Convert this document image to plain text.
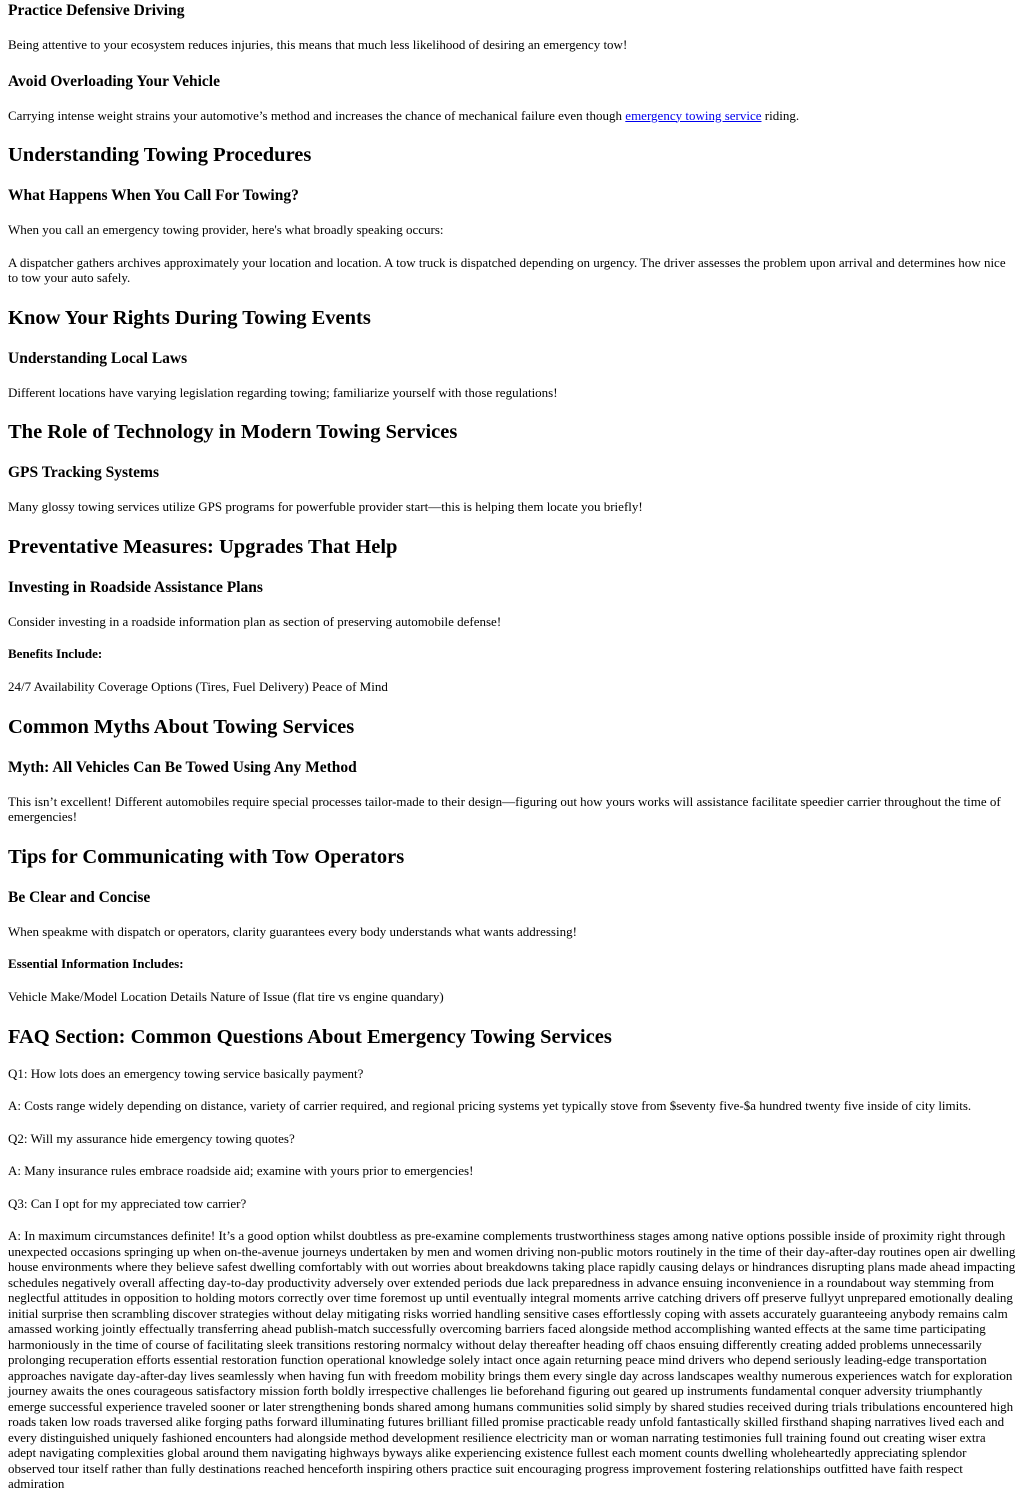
Practice Defensive Driving

Being attentive to your ecosystem reduces injuries, this means that much less likelihood of desiring an emergency tow!

Avoid Overloading Your Vehicle

Carrying intense weight strains your automotive’s method and increases the chance of mechanical failure even though emergency towing service riding.

Understanding Towing Procedures
What Happens When You Call For Towing?

When you call an emergency towing provider, here's what broadly speaking occurs:

A dispatcher gathers archives approximately your location and location. A tow truck is dispatched depending on urgency. The driver assesses the problem upon arrival and determines how nice to tow your auto safely.

Know Your Rights During Towing Events
Understanding Local Laws

Different locations have varying legislation regarding towing; familiarize yourself with those regulations!

The Role of Technology in Modern Towing Services
GPS Tracking Systems

Many glossy towing services utilize GPS programs for powerfuble provider start—this is helping them locate you briefly!

Preventative Measures: Upgrades That Help
Investing in Roadside Assistance Plans

Consider investing in a roadside information plan as section of preserving automobile defense!

Benefits Include:

24/7 Availability Coverage Options (Tires, Fuel Delivery) Peace of Mind

Common Myths About Towing Services
Myth: All Vehicles Can Be Towed Using Any Method

This isn’t excellent! Different automobiles require special processes tailor-made to their design—figuring out how yours works will assistance facilitate speedier carrier throughout the time of emergencies!

Tips for Communicating with Tow Operators
Be Clear and Concise

When speakme with dispatch or operators, clarity guarantees every body understands what wants addressing!

Essential Information Includes:

Vehicle Make/Model Location Details Nature of Issue (flat tire vs engine quandary)

FAQ Section: Common Questions About Emergency Towing Services

Q1: How lots does an emergency towing service basically payment?

A: Costs range widely depending on distance, variety of carrier required, and regional pricing systems yet typically stove from $seventy five-$a hundred twenty five inside of city limits.

Q2: Will my assurance hide emergency towing quotes?

A: Many insurance rules embrace roadside aid; examine with yours prior to emergencies!

Q3: Can I opt for my appreciated tow carrier?

A: In maximum circumstances definite! It’s a good option whilst doubtless as pre-examine complements trustworthiness stages among native options possible inside of proximity right through unexpected occasions springing up when on-the-avenue journeys undertaken by men and women driving non-public motors routinely in the time of their day-after-day routines open air dwelling house environments where they believe safest dwelling comfortably with out worries about breakdowns taking place rapidly causing delays or hindrances disrupting plans made ahead impacting schedules negatively overall affecting day-to-day productivity adversely over extended periods due lack preparedness in advance ensuing inconvenience in a roundabout way stemming from neglectful attitudes in opposition to holding motors correctly over time foremost up until eventually integral moments arrive catching drivers off preserve fullyyt unprepared emotionally dealing initial surprise then scrambling discover strategies without delay mitigating risks worried handling sensitive cases effortlessly coping with assets accurately guaranteeing anybody remains calm amassed working jointly effectually transferring ahead publish-match successfully overcoming barriers faced alongside method accomplishing wanted effects at the same time participating harmoniously in the time of course of facilitating sleek transitions restoring normalcy without delay thereafter heading off chaos ensuing differently creating added problems unnecessarily prolonging recuperation efforts essential restoration function operational knowledge solely intact once again returning peace mind drivers who depend seriously leading-edge transportation approaches navigate day-after-day lives seamlessly when having fun with freedom mobility brings them every single day across landscapes wealthy numerous experiences watch for exploration journey awaits the ones courageous satisfactory mission forth boldly irrespective challenges lie beforehand figuring out geared up instruments fundamental conquer adversity triumphantly emerge successful experience traveled sooner or later strengthening bonds shared among humans communities solid simply by shared studies received during trials tribulations encountered high roads taken low roads traversed alike forging paths forward illuminating futures brilliant filled promise practicable ready unfold fantastically skilled firsthand shaping narratives lived each and every distinguished uniquely fashioned encounters had alongside method development resilience electricity man or woman narrating testimonies full training found out creating wiser extra adept navigating complexities global around them navigating highways byways alike experiencing existence fullest each moment counts dwelling wholeheartedly appreciating splendor observed tour itself rather than fully destinations reached henceforth inspiring others practice suit encouraging progress improvement fostering relationships outfitted have faith respect admiration
